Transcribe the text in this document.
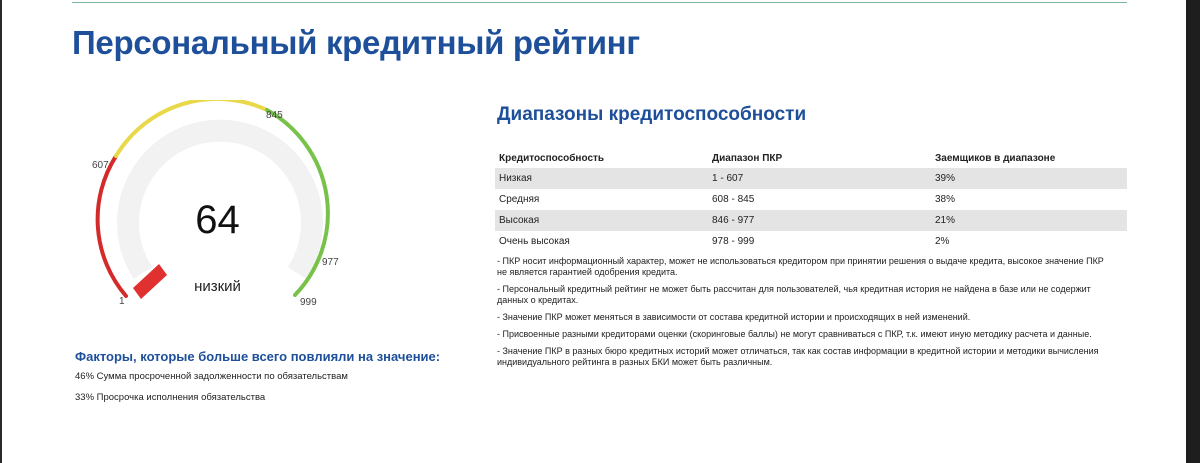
Персональный кредитный рейтинг
64
низкий
1
607
845
977
999
Факторы, которые больше всего повлияли на значение:
46% Сумма просроченной задолженности по обязательствам
33% Просрочка исполнения обязательства
Диапазоны кредитоспособности
Кредитоспособность	Диапазон ПКР	Заемщиков в диапазоне
Низкая	1 - 607	39%
Средняя	608 - 845	38%
Высокая	846 - 977	21%
Очень высокая	978 - 999	2%
- ПКР носит информационный характер, может не использоваться кредитором при принятии решения о выдаче кредита, высокое значение ПКР не является гарантией одобрения кредита.
- Персональный кредитный рейтинг не может быть рассчитан для пользователей, чья кредитная история не найдена в базе или не содержит данных о кредитах.
- Значение ПКР может меняться в зависимости от состава кредитной истории и происходящих в ней изменений.
- Присвоенные разными кредиторами оценки (скоринговые баллы) не могут сравниваться с ПКР, т.к. имеют иную методику расчета и данные.
- Значение ПКР в разных бюро кредитных историй может отличаться, так как состав информации в кредитной истории и методики вычисления индивидуального рейтинга в разных БКИ может быть различным.
